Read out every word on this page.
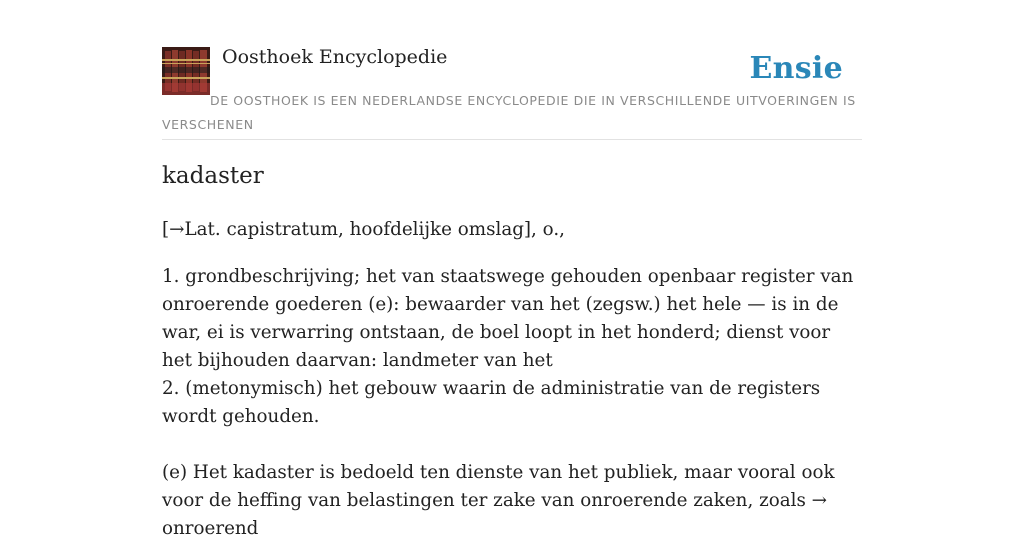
Oosthoek Encyclopedie	Ensie
DE OOSTHOEK IS EEN NEDERLANDSE ENCYCLOPEDIE DIE IN VERSCHILLENDE UITVOERINGEN IS VERSCHENEN
kadaster

[→Lat. capistratum, hoofdelijke omslag], o.,

1. grondbeschrijving; het van staatswege gehouden openbaar register van onroerende goederen (e): bewaarder van het (zegsw.) het hele — is in de war, ei is verwarring ontstaan, de boel loopt in het honderd; dienst voor het bijhouden daarvan: landmeter van het

2. (metonymisch) het gebouw waarin de administratie van de registers wordt gehouden.

(e) Het kadaster is bedoeld ten dienste van het publiek, maar vooral ook voor de heffing van belastingen ter zake van onroerende zaken, zoals →onroerend
